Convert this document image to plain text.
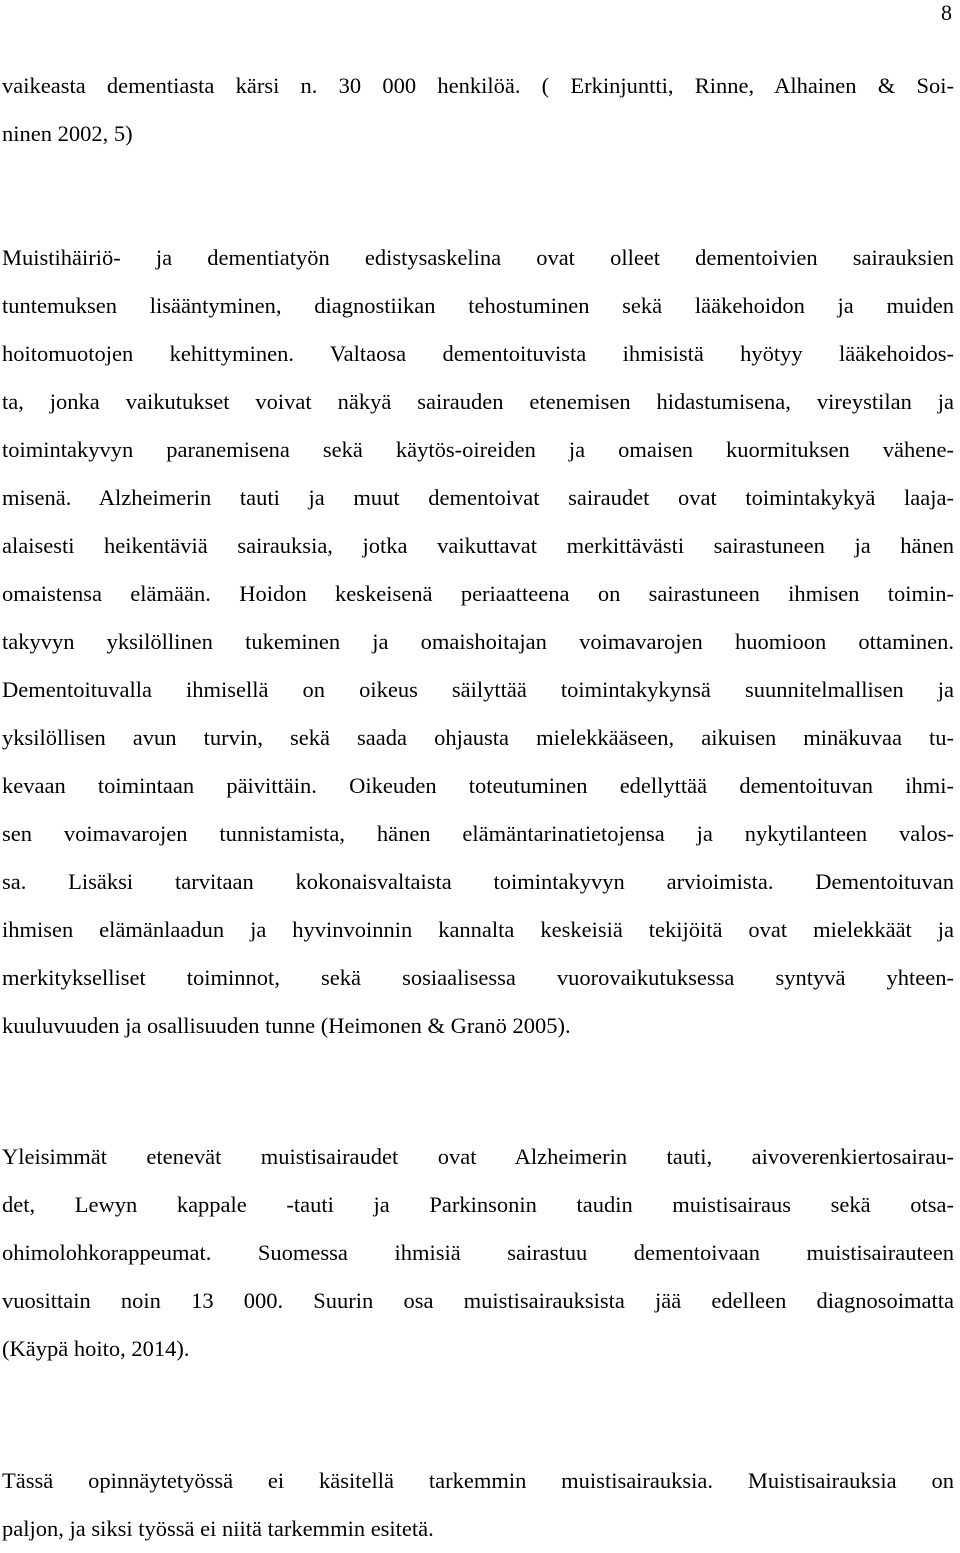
8
vaikeasta dementiasta kärsi n. 30 000 henkilöä. ( Erkinjuntti, Rinne, Alhainen & Soi-
ninen 2002, 5)
Muistihäiriö- ja dementiatyön edistysaskelina ovat olleet dementoivien sairauksien
tuntemuksen lisääntyminen, diagnostiikan tehostuminen sekä lääkehoidon ja muiden
hoitomuotojen kehittyminen. Valtaosa dementoituvista ihmisistä hyötyy lääkehoidos-
ta, jonka vaikutukset voivat näkyä sairauden etenemisen hidastumisena, vireystilan ja
toimintakyvyn paranemisena sekä käytös-oireiden ja omaisen kuormituksen vähene-
misenä. Alzheimerin tauti ja muut dementoivat sairaudet ovat toimintakykyä laaja-
alaisesti heikentäviä sairauksia, jotka vaikuttavat merkittävästi sairastuneen ja hänen
omaistensa elämään. Hoidon keskeisenä periaatteena on sairastuneen ihmisen toimin-
takyvyn yksilöllinen tukeminen ja omaishoitajan voimavarojen huomioon ottaminen.
Dementoituvalla ihmisellä on oikeus säilyttää toimintakykynsä suunnitelmallisen ja
yksilöllisen avun turvin, sekä saada ohjausta mielekkääseen, aikuisen minäkuvaa tu-
kevaan toimintaan päivittäin. Oikeuden toteutuminen edellyttää dementoituvan ihmi-
sen voimavarojen tunnistamista, hänen elämäntarinatietojensa ja nykytilanteen valos-
sa. Lisäksi tarvitaan kokonaisvaltaista toimintakyvyn arvioimista. Dementoituvan
ihmisen elämänlaadun ja hyvinvoinnin kannalta keskeisiä tekijöitä ovat mielekkäät ja
merkitykselliset toiminnot, sekä sosiaalisessa vuorovaikutuksessa syntyvä yhteen-
kuuluvuuden ja osallisuuden tunne (Heimonen & Granö 2005).
Yleisimmät etenevät muistisairaudet ovat Alzheimerin tauti, aivoverenkiertosairau-
det, Lewyn kappale -tauti ja Parkinsonin taudin muistisairaus sekä otsa-
ohimolohkorappeumat. Suomessa ihmisiä sairastuu dementoivaan muistisairauteen
vuosittain noin 13 000. Suurin osa muistisairauksista jää edelleen diagnosoimatta
(Käypä hoito, 2014).
Tässä opinnäytetyössä ei käsitellä tarkemmin muistisairauksia. Muistisairauksia on
paljon, ja siksi työssä ei niitä tarkemmin esitetä.
